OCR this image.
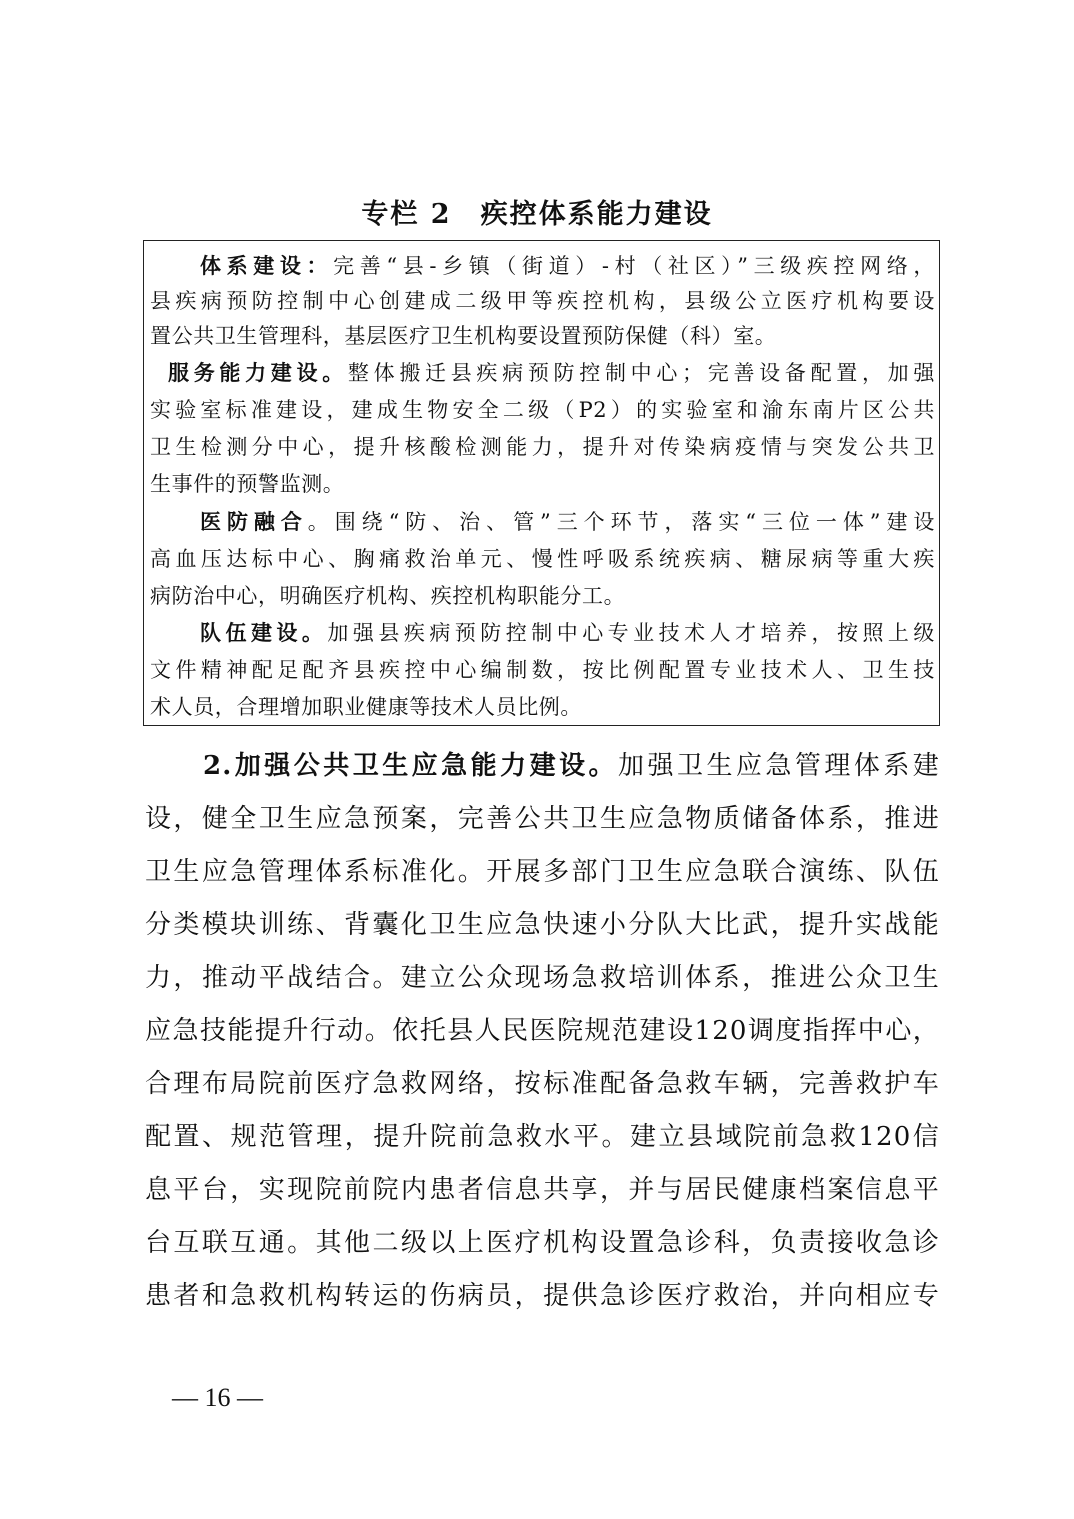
专栏 2　疾控体系能力建设
体系建设：完善“县-乡镇（街道）-村（社区）”三级疾控网络，
县疾病预防控制中心创建成二级甲等疾控机构，县级公立医疗机构要设
置公共卫生管理科，基层医疗卫生机构要设置预防保健（科）室。
服务能力建设。整体搬迁县疾病预防控制中心；完善设备配置，加强
实验室标准建设，建成生物安全二级（P2）的实验室和渝东南片区公共
卫生检测分中心，提升核酸检测能力，提升对传染病疫情与突发公共卫
生事件的预警监测。
医防融合。围绕“防、治、管”三个环节，落实“三位一体”建设
高血压达标中心、胸痛救治单元、慢性呼吸系统疾病、糖尿病等重大疾
病防治中心，明确医疗机构、疾控机构职能分工。
队伍建设。加强县疾病预防控制中心专业技术人才培养，按照上级
文件精神配足配齐县疾控中心编制数，按比例配置专业技术人、卫生技
术人员，合理增加职业健康等技术人员比例。
2.加强公共卫生应急能力建设。加强卫生应急管理体系建
设，健全卫生应急预案，完善公共卫生应急物质储备体系，推进
卫生应急管理体系标准化。开展多部门卫生应急联合演练、队伍
分类模块训练、背囊化卫生应急快速小分队大比武，提升实战能
力，推动平战结合。建立公众现场急救培训体系，推进公众卫生
应急技能提升行动。依托县人民医院规范建设120调度指挥中心，
合理布局院前医疗急救网络，按标准配备急救车辆，完善救护车
配置、规范管理，提升院前急救水平。建立县域院前急救120信
息平台，实现院前院内患者信息共享，并与居民健康档案信息平
台互联互通。其他二级以上医疗机构设置急诊科，负责接收急诊
患者和急救机构转运的伤病员，提供急诊医疗救治，并向相应专
— 16 —
